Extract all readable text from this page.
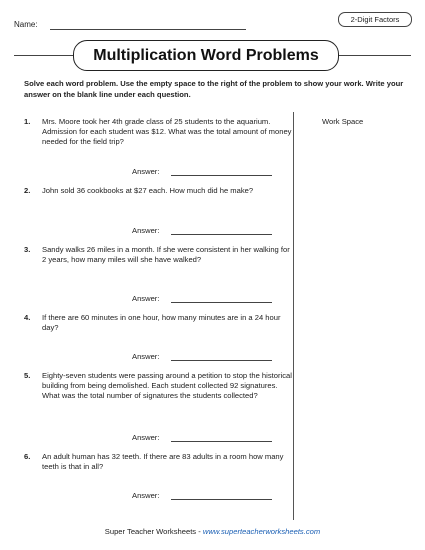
Name:
2-Digit Factors
Multiplication Word Problems
Solve each word problem. Use the empty space to the right of the problem to show your work. Write your answer on the blank line under each question.
Work Space
1. Mrs. Moore took her 4th grade class of 25 students to the aquarium. Admission for each student was $12. What was the total amount of money needed for the field trip?
Answer:
2. John sold 36 cookbooks at $27 each. How much did he make?
Answer:
3. Sandy walks 26 miles in a month. If she were consistent in her walking for 2 years, how many miles will she have walked?
Answer:
4. If there are 60 minutes in one hour, how many minutes are in a 24 hour day?
Answer:
5. Eighty-seven students were passing around a petition to stop the historical building from being demolished. Each student collected 92 signatures. What was the total number of signatures the students collected?
Answer:
6. An adult human has 32 teeth. If there are 83 adults in a room how many teeth is that in all?
Answer:
Super Teacher Worksheets - www.superteacherworksheets.com
